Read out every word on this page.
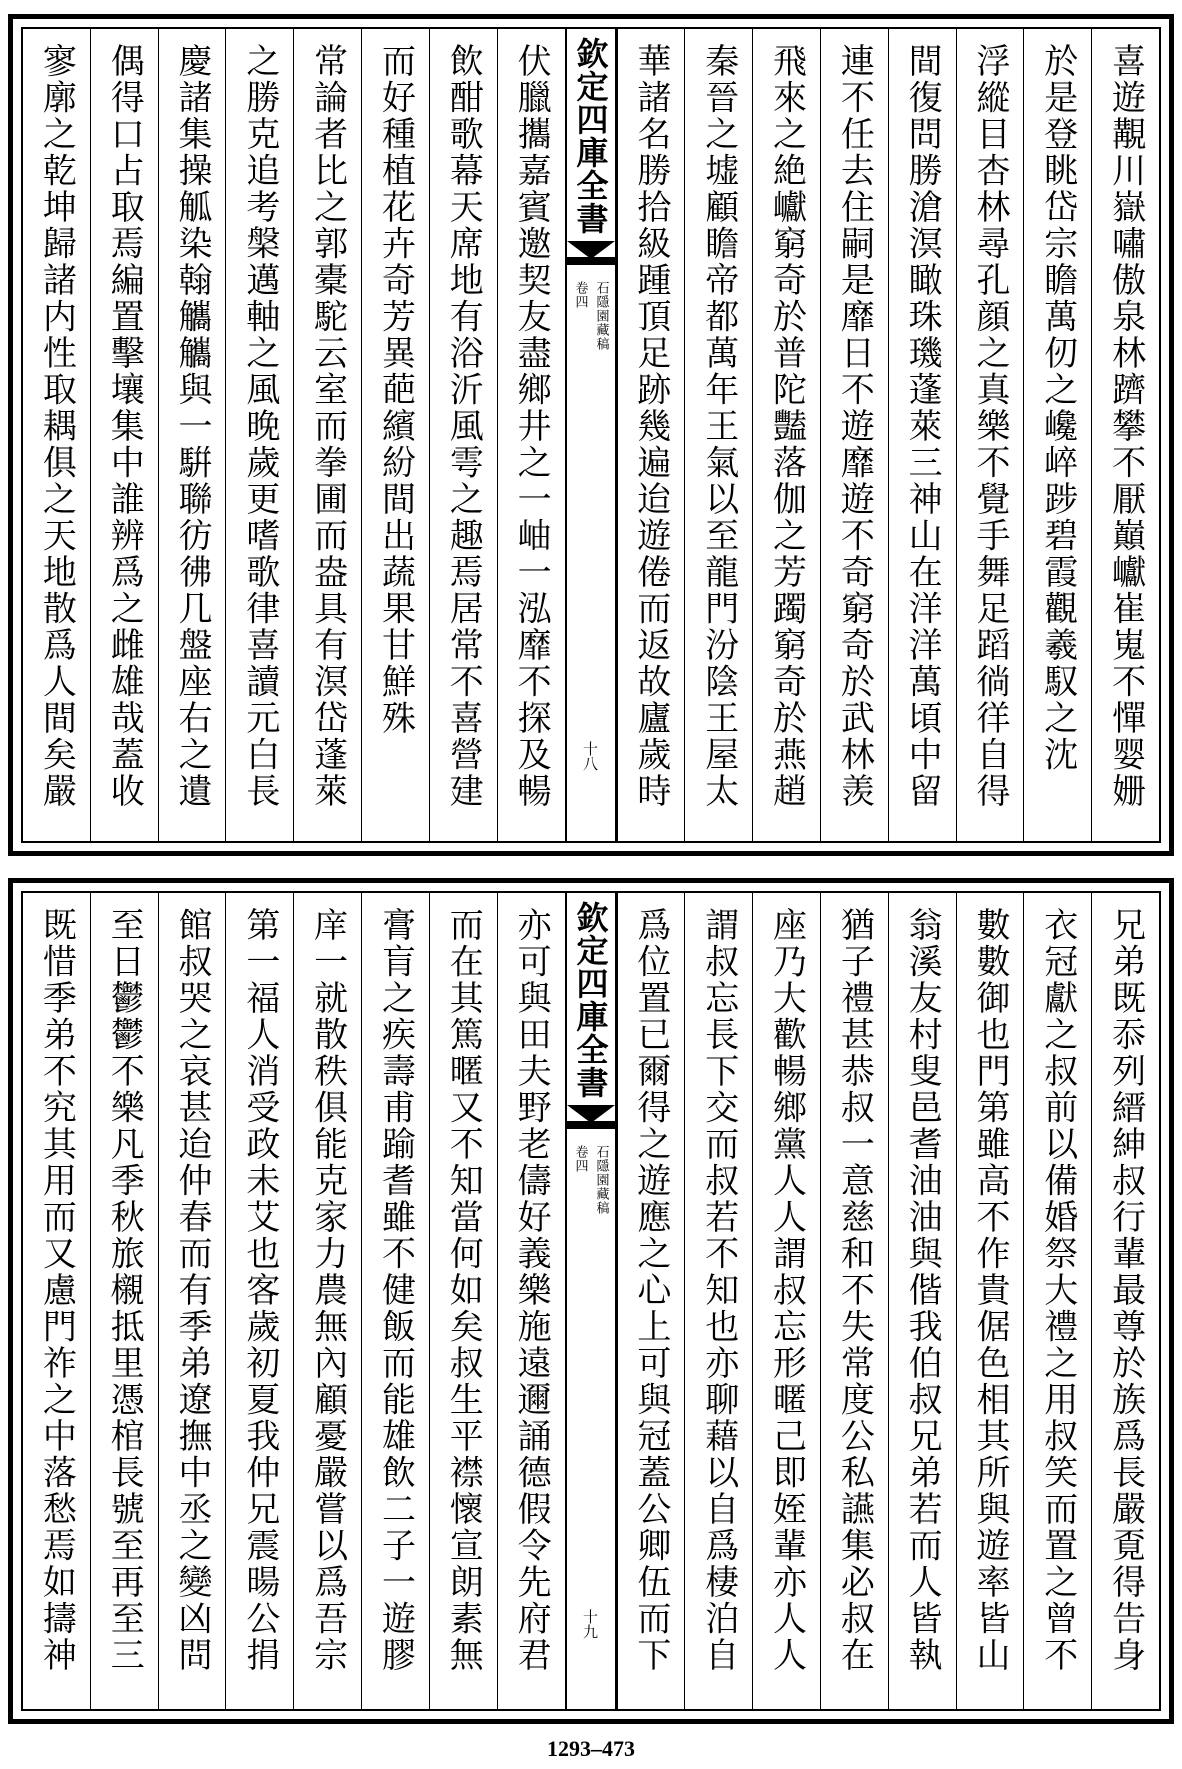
喜遊覯川嶽嘯傲泉林躋攀不厭巔巘崔嵬不憚婴姗
於是登眺岱宗瞻萬仞之巉崪踄碧霞觀羲馭之沈
浮縱目杏林尋孔顔之真樂不覺手舞足蹈徜徉自得
間復問勝滄溟瞰珠璣蓬萊三神山在洋洋萬頃中留
連不任去住嗣是靡日不遊靡遊不奇窮奇於武林羡
飛來之絶巘窮奇於普陀豔落伽之芳躅窮奇於燕趙
秦晉之墟顧瞻帝都萬年王氣以至龍門汾陰王屋太
華諸名勝拾級踵頂足跡幾遍迨遊倦而返故廬歲時
欽定四庫全書
石隱園藏稿
卷四
十八
伏臘攜嘉賓邀契友盡鄉井之一岫一泓靡不探及暢
飲酣歌幕天席地有浴沂風雩之趣焉居常不喜營建
而好種植花卉奇芳異葩繽紛間出蔬果甘鮮殊
常論者比之郭橐駝云室而拳圃而盎具有溟岱蓬萊
之勝克追考槃邁軸之風晚歲更嗜歌律喜讀元白長
慶諸集操觚染翰觿觿與一騈聯彷彿几盤座右之遺
偶得口占取焉編置擊壤集中誰辨爲之雌雄哉蓋收
寥廓之乾坤歸諸内性取耦俱之天地散爲人間矣嚴
兄弟既忝列縉紳叔行輩最尊於族爲長嚴覔得告身
衣冠獻之叔前以備婚祭大禮之用叔笑而置之曾不
數數御也門第雖高不作貴倨色相其所與遊率皆山
翁溪友村叟邑耆油油與偕我伯叔兄弟若而人皆執
猶子禮甚恭叔一意慈和不失常度公私讌集必叔在
座乃大歡暢鄉黨人人謂叔忘形暱己即姪輩亦人人
謂叔忘長下交而叔若不知也亦聊藉以自爲棲泊自
爲位置已爾得之遊應之心上可與冠蓋公卿伍而下
欽定四庫全書
石隱園藏稿
卷四
十九
亦可與田夫野老儔好義樂施遠邇誦德假令先府君
而在其篤暱又不知當何如矣叔生平襟懷宣朗素無
膏肓之疾壽甫踰耆雖不健飯而能雄飲二子一遊膠
庠一就散秩俱能克家力農無內顧憂嚴嘗以爲吾宗
第一福人消受政未艾也客歲初夏我仲兄震暘公捐
館叔哭之哀甚迨仲春而有季弟遼撫中丞之變凶問
至日鬱鬱不樂凡季秋旅櫬抵里憑棺長號至再至三
既惜季弟不究其用而又慮門祚之中落愁焉如擣神
1293–473
